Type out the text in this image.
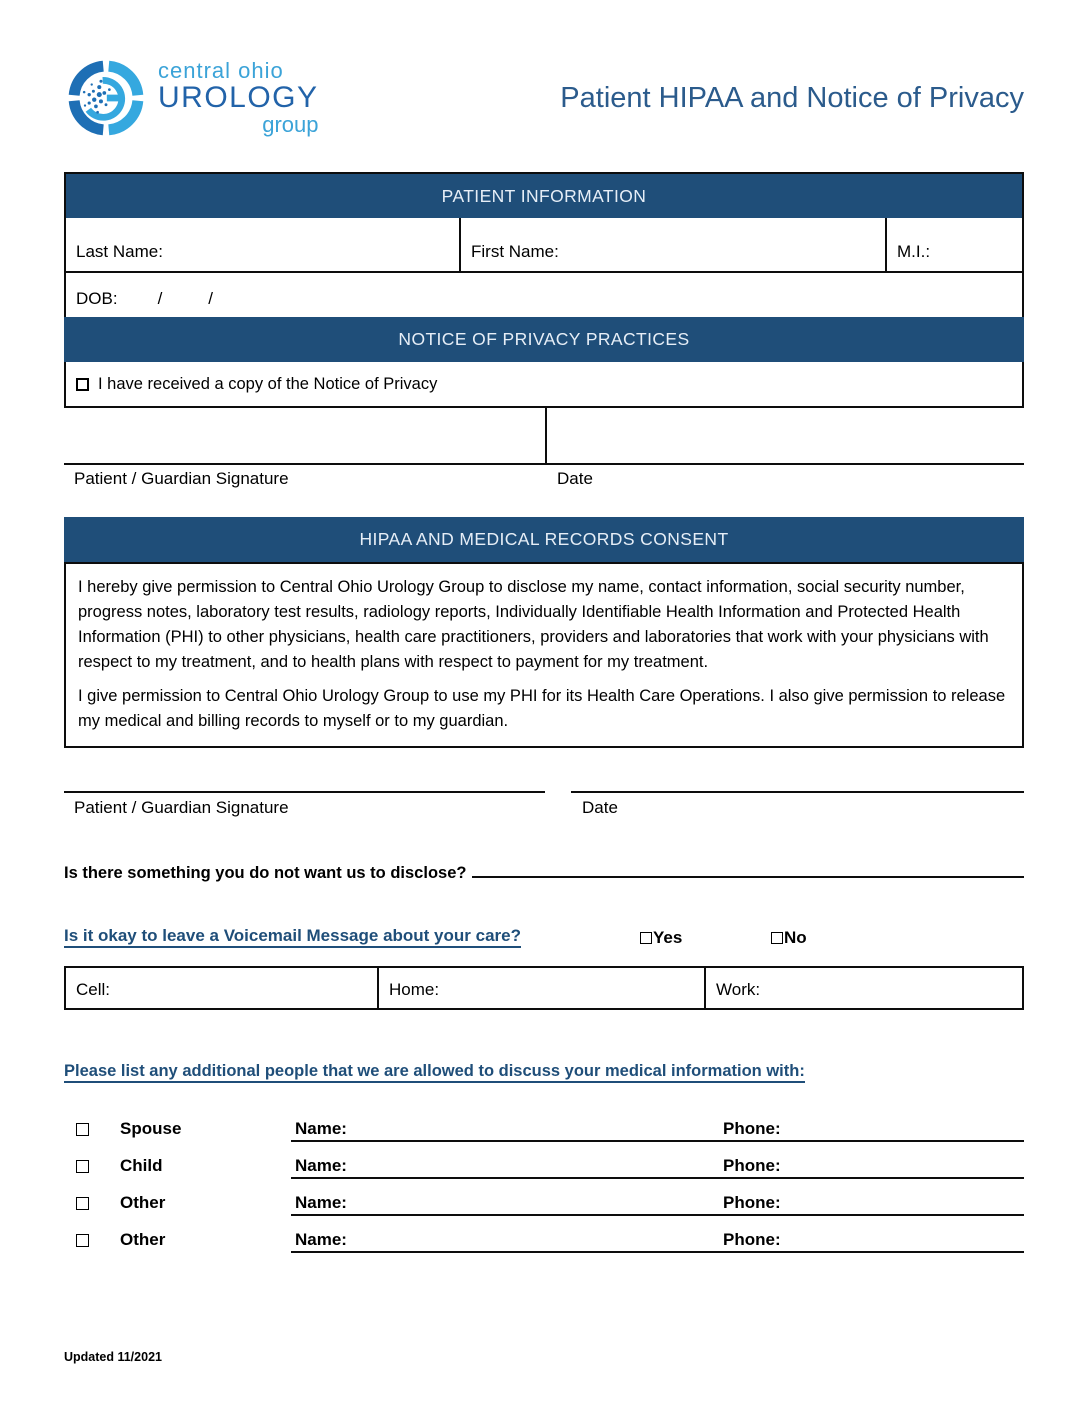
central ohio
UROLOGY
group
Patient HIPAA and Notice of Privacy
PATIENT INFORMATION
Last Name:	First Name:	M.I.:
DOB: /	/
NOTICE OF PRIVACY PRACTICES
I have received a copy of the Notice of Privacy
Patient / Guardian Signature	Date
HIPAA AND MEDICAL RECORDS CONSENT

I hereby give permission to Central Ohio Urology Group to disclose my name, contact information, social security number, progress notes, laboratory test results, radiology reports, Individually Identifiable Health Information and Protected Health Information (PHI) to other physicians, health care practitioners, providers and laboratories that work with your physicians with respect to my treatment, and to health plans with respect to payment for my treatment.

I give permission to Central Ohio Urology Group to use my PHI for its Health Care Operations. I also give permission to release my medical and billing records to myself or to my guardian.

Patient / Guardian Signature	Date
Is there something you do not want us to disclose?
Is it okay to leave a Voicemail Message about your care?	Yes	No
Cell:	Home:	Work:
Please list any additional people that we are allowed to discuss your medical information with:
Spouse	Name:	Phone:
Child	Name:	Phone:
Other	Name:	Phone:
Other	Name:	Phone:
Updated 11/2021
